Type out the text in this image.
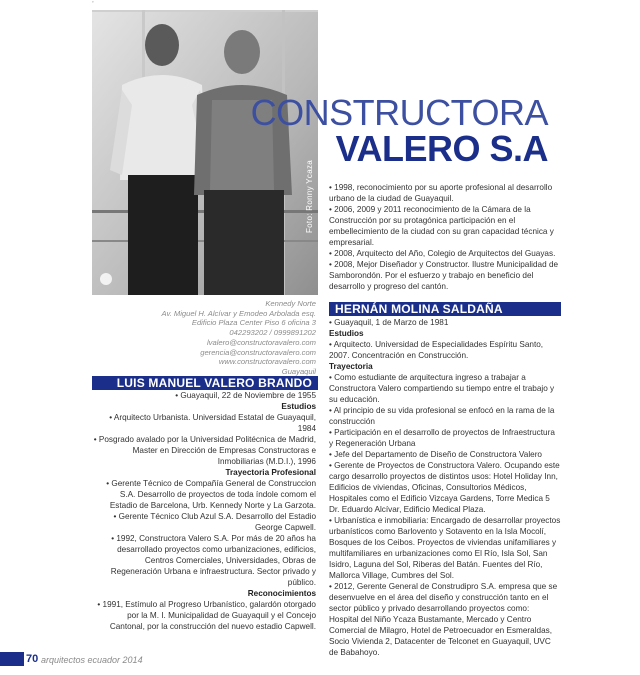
’
Foto: Ronny Ycaza
CONSTRUCTORA
VALERO S.A

• 1998, reconocimiento por su aporte profesional al desarrollo urbano de la ciudad de Guayaquil.

• 2006, 2009 y 2011 reconocimiento de la Cámara de la Construcción por su protagónica participación en el embellecimiento de la ciudad con su gran capacidad técnica y empresarial.

• 2008, Arquitecto del Año, Colegio de Arquitectos del Guayas.

• 2008, Mejor Diseñador y Constructor. Ilustre Municipalidad de Samborondón. Por el esfuerzo y trabajo en beneficio del desarrollo y progreso del cantón.

Kennedy Norte

Av. Miguel H. Alcívar y Emodeo Arbolada esq.

Edificio Plaza Center Piso 6 oficina 3

042293202 / 0999891202

lvalero@constructoravalero.com

gerencia@constructoravalero.com

www.constructoravalero.com

Guayaquil

LUIS MANUEL VALERO BRANDO

• Guayaquil, 22 de Noviembre de 1955

Estudios

• Arquitecto Urbanista. Universidad Estatal de Guayaquil, 1984

• Posgrado avalado por la Universidad Politécnica de Madrid, Master en Dirección de Empresas Constructoras e Inmobiliarias (M.D.I.), 1996

Trayectoria Profesional

• Gerente Técnico de Compañía General de Construccion S.A. Desarrollo de proyectos de toda índole comom el Estadio de Barcelona, Urb. Kennedy Norte y La Garzota.

• Gerente Técnico Club Azul S.A. Desarrollo del Estadio George Capwell.

• 1992, Constructora Valero S.A. Por más de 20 años ha desarrollado proyectos como urbanizaciones, edificios, Centros Comerciales, Universidades, Obras de Regeneración Urbana e infraestructura. Sector privado y público.

Reconocimientos

• 1991, Estímulo al Progreso Urbanístico, galardón otorgado por la M. I. Municipalidad de Guayaquil y el Concejo Cantonal, por la construcción del nuevo estadio Capwell.

HERNÁN MOLINA SALDAÑA

• Guayaquil, 1 de Marzo de 1981

Estudios

• Arquitecto. Universidad de Especialidades Espíritu Santo, 2007. Concentración en Construcción.

Trayectoria

• Como estudiante de arquitectura ingreso a trabajar a Constructora Valero compartiendo su tiempo entre el trabajo y su educación.

• Al principio de su vida profesional se enfocó en la rama de la construcción

• Participación en el desarrollo de proyectos de Infraestructura y Regeneración Urbana

• Jefe del Departamento de Diseño de Constructora Valero

• Gerente de Proyectos de Constructora Valero. Ocupando este cargo desarrollo proyectos de distintos usos: Hotel Holiday Inn, Edificios de viviendas, Oficinas, Consultorios Médicos, Hospitales como el Edificio Vizcaya Gardens, Torre Medica 5 Dr. Eduardo Alcívar, Edificio Medical Plaza.

• Urbanística e inmobiliaria: Encargado de desarrollar proyectos urbanísticos como Barlovento y Sotavento en la Isla Mocolí, Bosques de los Ceibos. Proyectos de viviendas unifamiliares y multifamiliares en urbanizaciones como El Río, Isla Sol, San Isidro, Laguna del Sol, Riberas del Batán. Fuentes del Río, Mallorca Village, Cumbres del Sol.

• 2012, Gerente General de Construdipro S.A. empresa que se desenvuelve en el área del diseño y construcción tanto en el sector público y privado desarrollando proyectos como: Hospital del Niño Ycaza Bustamante, Mercado y Centro Comercial de Milagro, Hotel de Petroecuador en Esmeraldas, Socio Vivienda 2, Datacenter de Telconet en Guayaquil, UVC de Babahoyo.

70 arquitectos ecuador 2014
